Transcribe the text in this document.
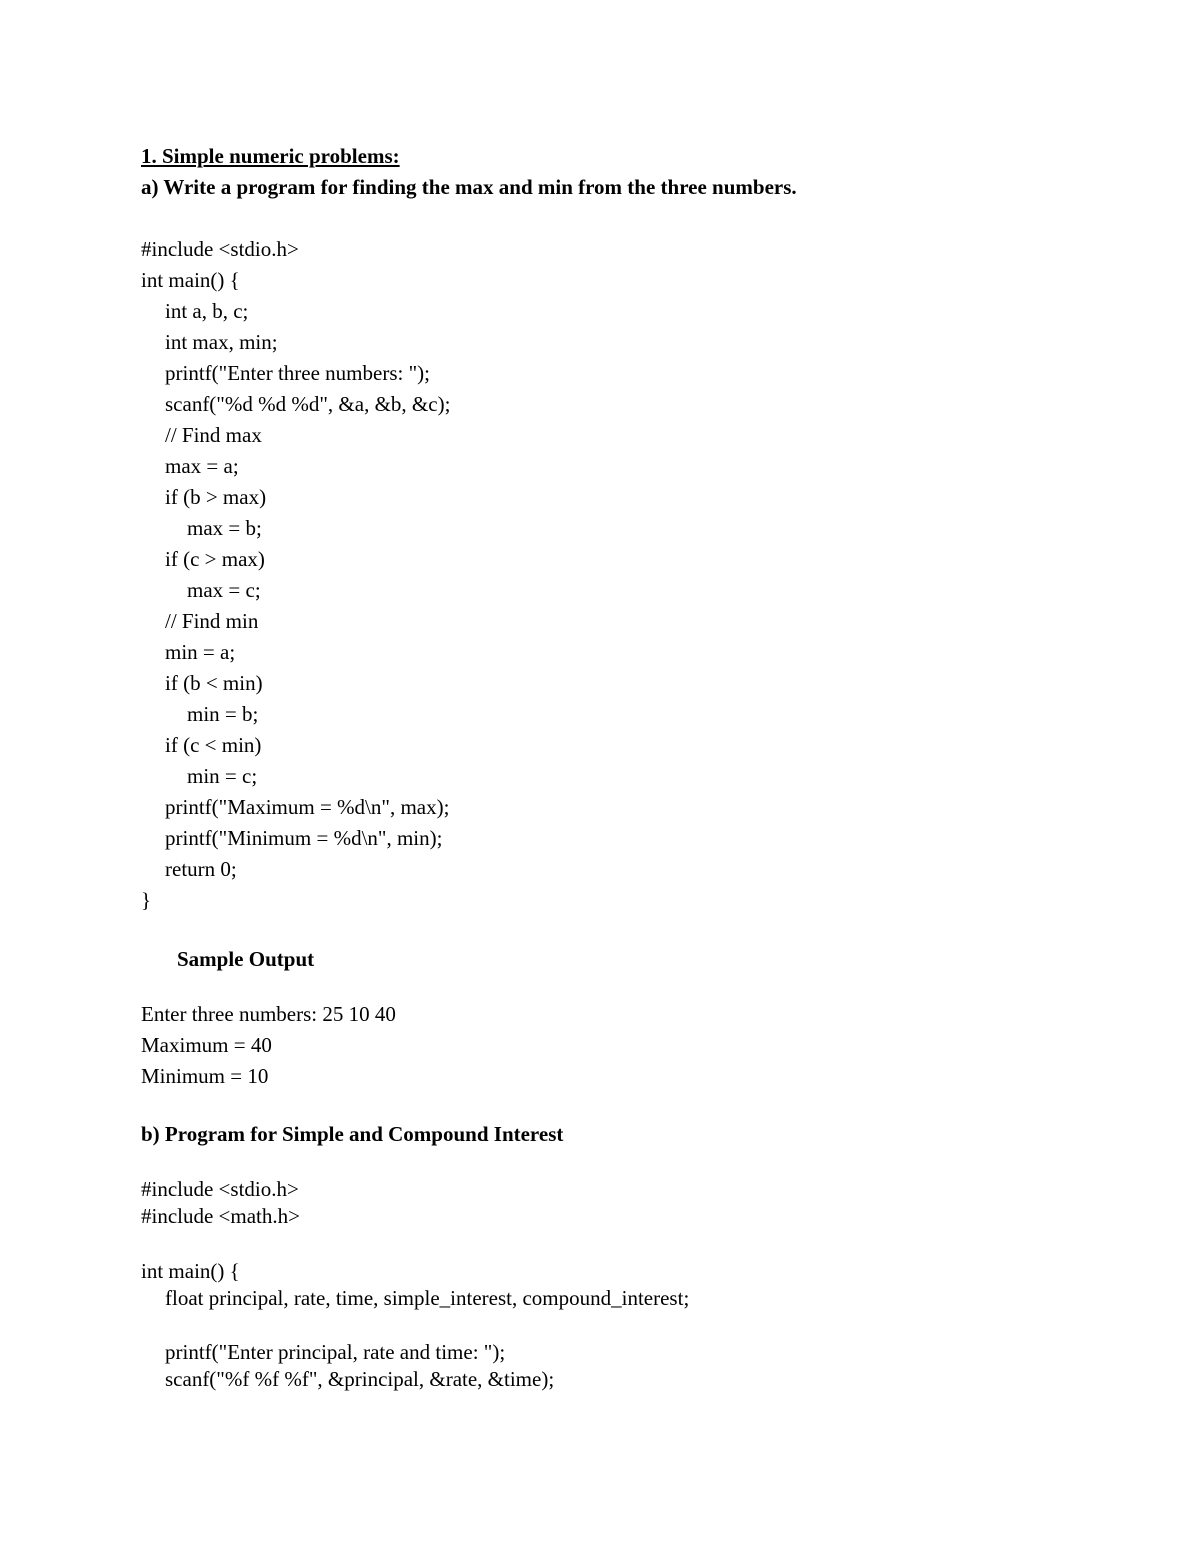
1. Simple numeric problems:

a) Write a program for finding the max and min from the three numbers.

#include <stdio.h>

int main() {

int a, b, c;

int max, min;

printf("Enter three numbers: ");

scanf("%d %d %d", &a, &b, &c);

// Find max

max = a;

if (b > max)

max = b;

if (c > max)

max = c;

// Find min

min = a;

if (b < min)

min = b;

if (c < min)

min = c;

printf("Maximum = %d\n", max);

printf("Minimum = %d\n", min);

return 0;

}

Sample Output

Enter three numbers: 25 10 40

Maximum = 40

Minimum = 10

b) Program for Simple and Compound Interest

#include <stdio.h>

#include <math.h>

int main() {

float principal, rate, time, simple_interest, compound_interest;

printf("Enter principal, rate and time: ");

scanf("%f %f %f", &principal, &rate, &time);
